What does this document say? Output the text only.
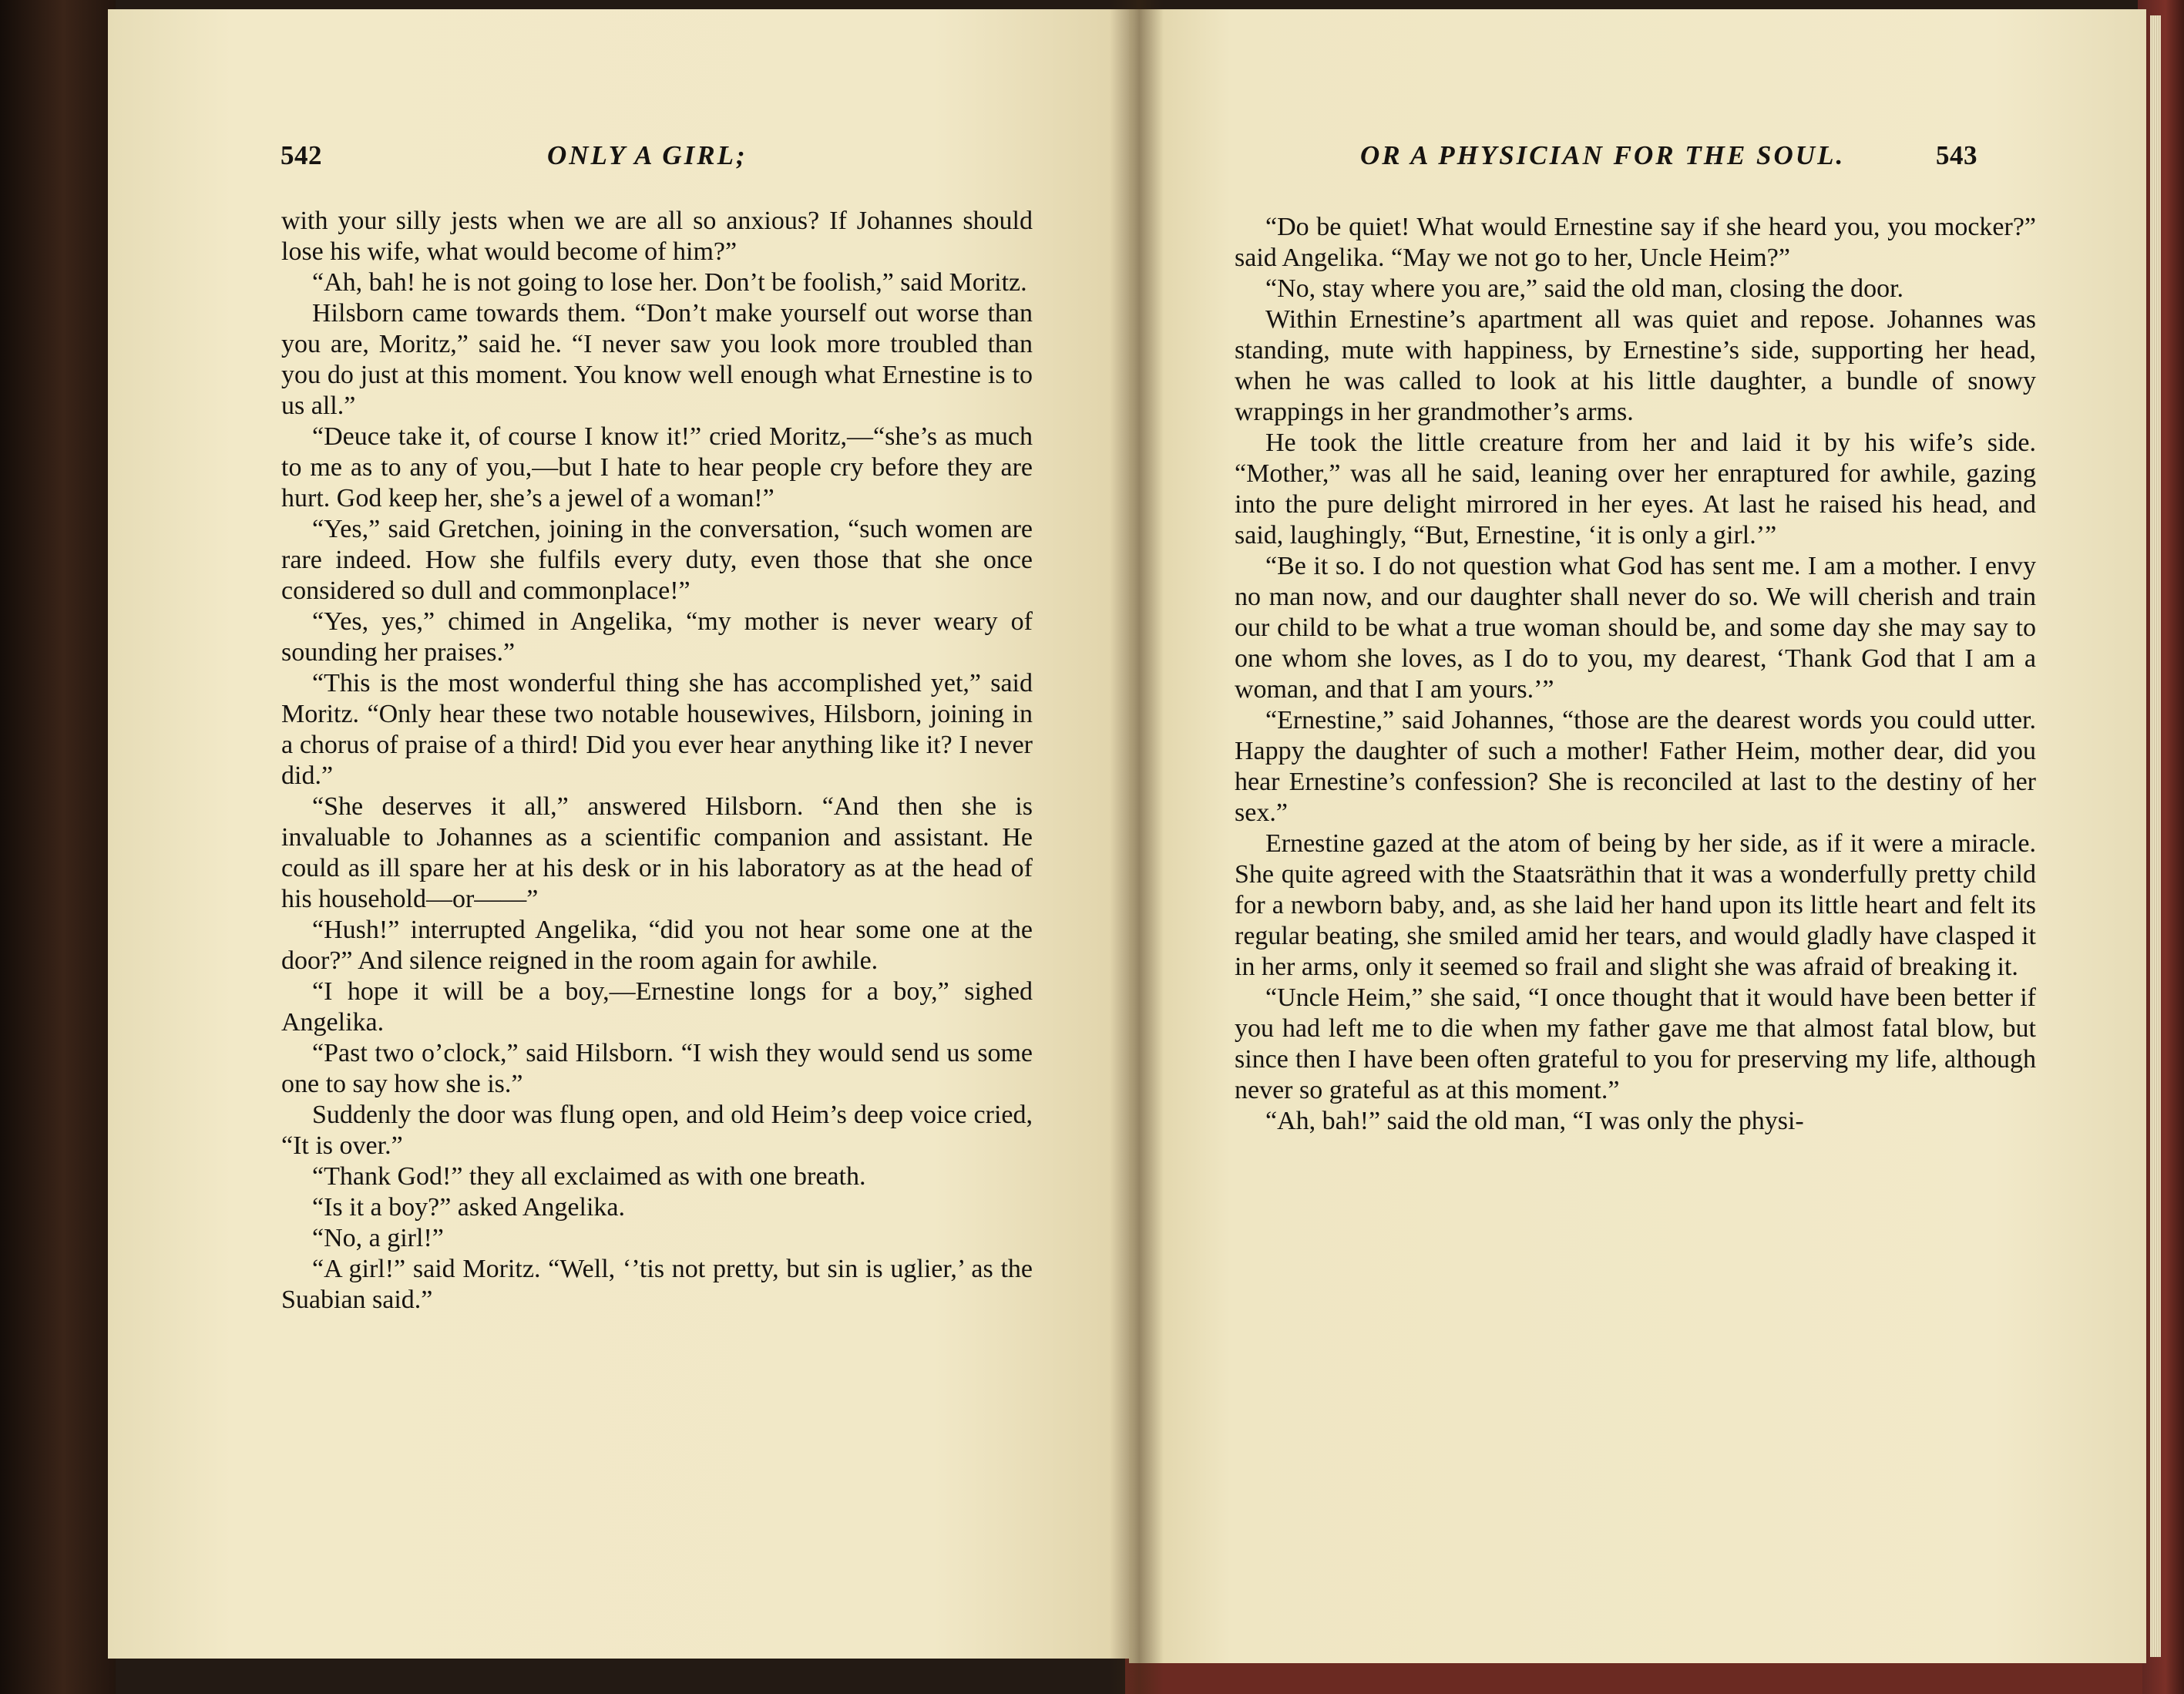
542	ONLY A GIRL;

with your silly jests when we are all so anxious? If Johannes should lose his wife, what would become of him?”

“Ah, bah! he is not going to lose her. Don’t be foolish,” said Moritz.

Hilsborn came towards them. “Don’t make yourself out worse than you are, Moritz,” said he. “I never saw you look more troubled than you do just at this moment. You know well enough what Ernestine is to us all.”

“Deuce take it, of course I know it!” cried Moritz,—“she’s as much to me as to any of you,—but I hate to hear people cry before they are hurt. God keep her, she’s a jewel of a woman!”

“Yes,” said Gretchen, joining in the conversation, “such women are rare indeed. How she fulfils every duty, even those that she once considered so dull and commonplace!”

“Yes, yes,” chimed in Angelika, “my mother is never weary of sounding her praises.”

“This is the most wonderful thing she has accomplished yet,” said Moritz. “Only hear these two notable housewives, Hilsborn, joining in a chorus of praise of a third! Did you ever hear anything like it? I never did.”

“She deserves it all,” answered Hilsborn. “And then she is invaluable to Johannes as a scientific companion and assistant. He could as ill spare her at his desk or in his laboratory as at the head of his household—or——”

“Hush!” interrupted Angelika, “did you not hear some one at the door?” And silence reigned in the room again for awhile.

“I hope it will be a boy,—Ernestine longs for a boy,” sighed Angelika.

“Past two o’clock,” said Hilsborn. “I wish they would send us some one to say how she is.”

Suddenly the door was flung open, and old Heim’s deep voice cried, “It is over.”

“Thank God!” they all exclaimed as with one breath.

“Is it a boy?” asked Angelika.

“No, a girl!”

“A girl!” said Moritz. “Well, ‘’tis not pretty, but sin is uglier,’ as the Suabian said.”

OR A PHYSICIAN FOR THE SOUL.	543

“Do be quiet! What would Ernestine say if she heard you, you mocker?” said Angelika. “May we not go to her, Uncle Heim?”

“No, stay where you are,” said the old man, closing the door.

Within Ernestine’s apartment all was quiet and repose. Johannes was standing, mute with happiness, by Ernestine’s side, supporting her head, when he was called to look at his little daughter, a bundle of snowy wrappings in her grandmother’s arms.

He took the little creature from her and laid it by his wife’s side. “Mother,” was all he said, leaning over her enraptured for awhile, gazing into the pure delight mirrored in her eyes. At last he raised his head, and said, laughingly, “But, Ernestine, ‘it is only a girl.’”

“Be it so. I do not question what God has sent me. I am a mother. I envy no man now, and our daughter shall never do so. We will cherish and train our child to be what a true woman should be, and some day she may say to one whom she loves, as I do to you, my dearest, ‘Thank God that I am a woman, and that I am yours.’”

“Ernestine,” said Johannes, “those are the dearest words you could utter. Happy the daughter of such a mother! Father Heim, mother dear, did you hear Ernestine’s confession? She is reconciled at last to the destiny of her sex.”

Ernestine gazed at the atom of being by her side, as if it were a miracle. She quite agreed with the Staatsräthin that it was a wonderfully pretty child for a newborn baby, and, as she laid her hand upon its little heart and felt its regular beating, she smiled amid her tears, and would gladly have clasped it in her arms, only it seemed so frail and slight she was afraid of breaking it.

“Uncle Heim,” she said, “I once thought that it would have been better if you had left me to die when my father gave me that almost fatal blow, but since then I have been often grateful to you for preserving my life, although never so grateful as at this moment.”

“Ah, bah!” said the old man, “I was only the physi-
